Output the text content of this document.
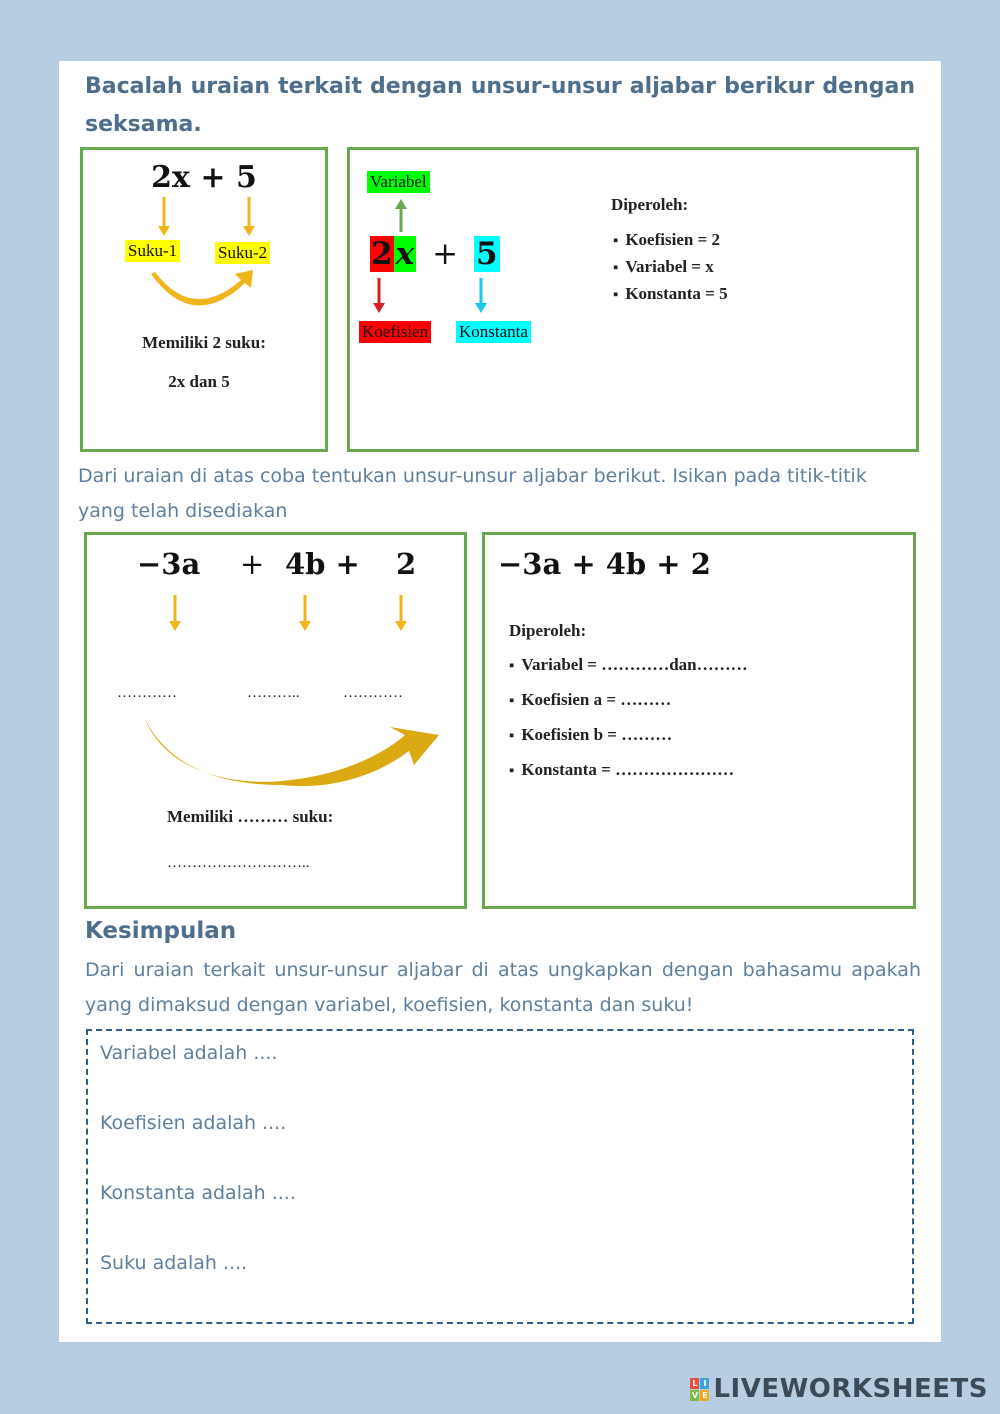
Bacalah uraian terkait dengan unsur-unsur aljabar berikur dengan seksama.
2x + 5
Suku-1 Suku-2
Memiliki 2 suku:
2x dan 5
Variabel
2 x + 5
Koefisien Konstanta
Diperoleh:
▪ Koefisien = 2
▪ Variabel = x
▪ Konstanta = 5
Dari uraian di atas coba tentukan unsur-unsur aljabar berikut. Isikan pada titik-titik yang telah disediakan
−3a + 4b + 2
…………	………..	…………
Memiliki ……… suku:
………………………..
−3a + 4b + 2
Diperoleh:
▪ Variabel = …………dan………
▪ Koefisien a = ………
▪ Koefisien b = ………
▪ Konstanta = …………………
Kesimpulan
Dari uraian terkait unsur-unsur aljabar di atas ungkapkan dengan bahasamu apakah yang dimaksud dengan variabel, koefisien, konstanta dan suku!
Variabel adalah ....
Koefisien adalah ....
Konstanta adalah ....
Suku adalah ....
L I
V E LIVEWORKSHEETS
